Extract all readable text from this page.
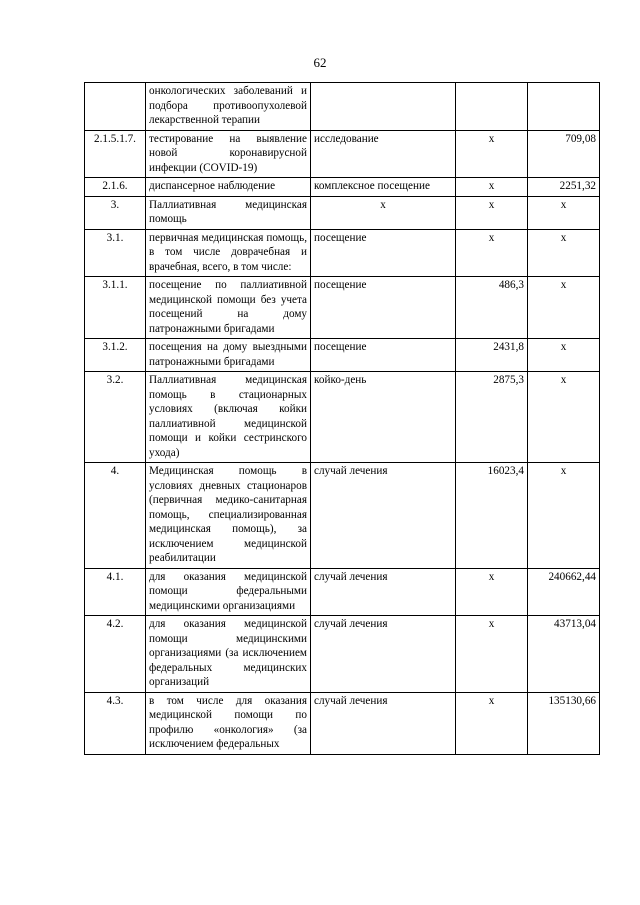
62
	онкологических заболеваний и подбора противоопухолевой лекарственной терапии			
2.1.5.1.7.	тестирование на выявление новой коронавирусной инфекции (COVID-19)	исследование	х	709,08
2.1.6.	диспансерное наблюдение	комплексное посещение	х	2251,32
3.	Паллиативная медицинская помощь	х	х	х
3.1.	первичная медицинская помощь, в том числе доврачебная и врачебная, всего, в том числе:	посещение	х	х
3.1.1.	посещение по паллиативной медицинской помощи без учета посещений на дому патронажными бригадами	посещение	486,3	х
3.1.2.	посещения на дому выездными патронажными бригадами	посещение	2431,8	х
3.2.	Паллиативная медицинская помощь в стационарных условиях (включая койки паллиативной медицинской помощи и койки сестринского ухода)	койко-день	2875,3	х
4.	Медицинская помощь в условиях дневных стационаров (первичная медико-санитарная помощь, специализированная медицинская помощь), за исключением медицинской реабилитации	случай лечения	16023,4	х
4.1.	для оказания медицинской помощи федеральными медицинскими организациями	случай лечения	х	240662,44
4.2.	для оказания медицинской помощи медицинскими организациями (за исключением федеральных медицинских организаций	случай лечения	х	43713,04
4.3.	в том числе для оказания медицинской помощи по профилю «онкология» (за исключением федеральных	случай лечения	х	135130,66
